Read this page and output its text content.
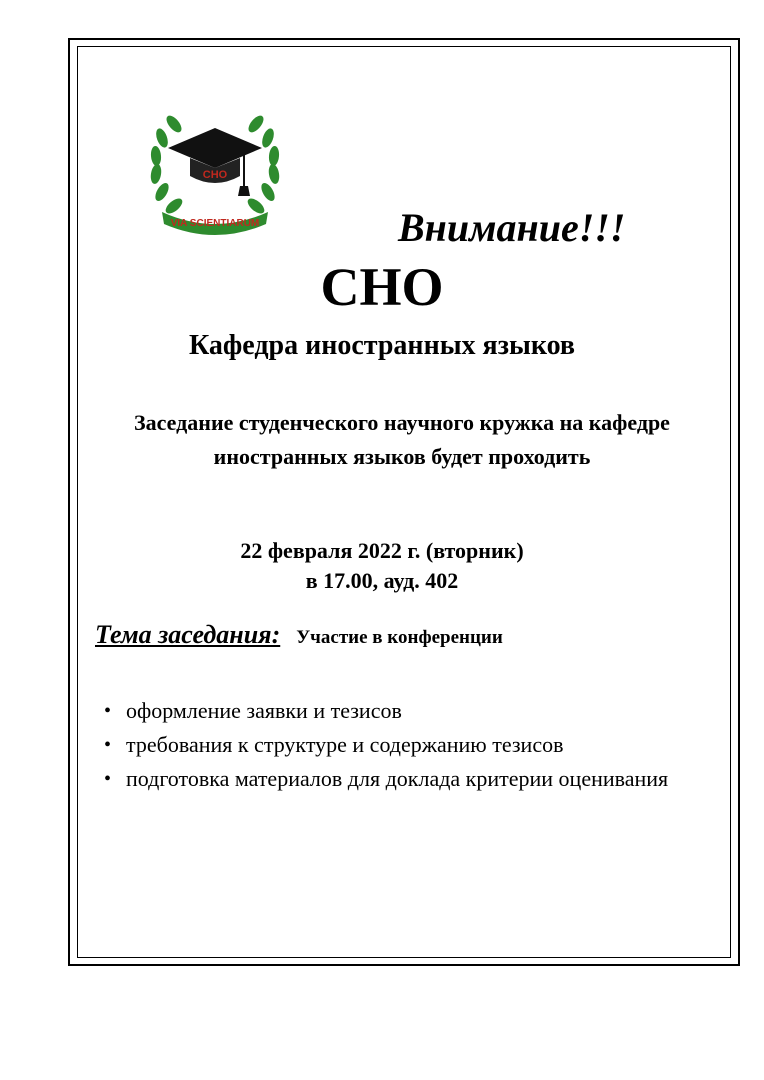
СНО
VIA SCIENTIARUM	Внимание!!!
СНО
Кафедра иностранных языков
Заседание студенческого научного кружка на кафедре иностранных языков будет проходить
22 февраля 2022 г. (вторник)
в 17.00, ауд. 402
Тема заседания: Участие в конференции
• оформление заявки и тезисов
• требования к структуре и содержанию тезисов
• подготовка материалов для доклада критерии оценивания
